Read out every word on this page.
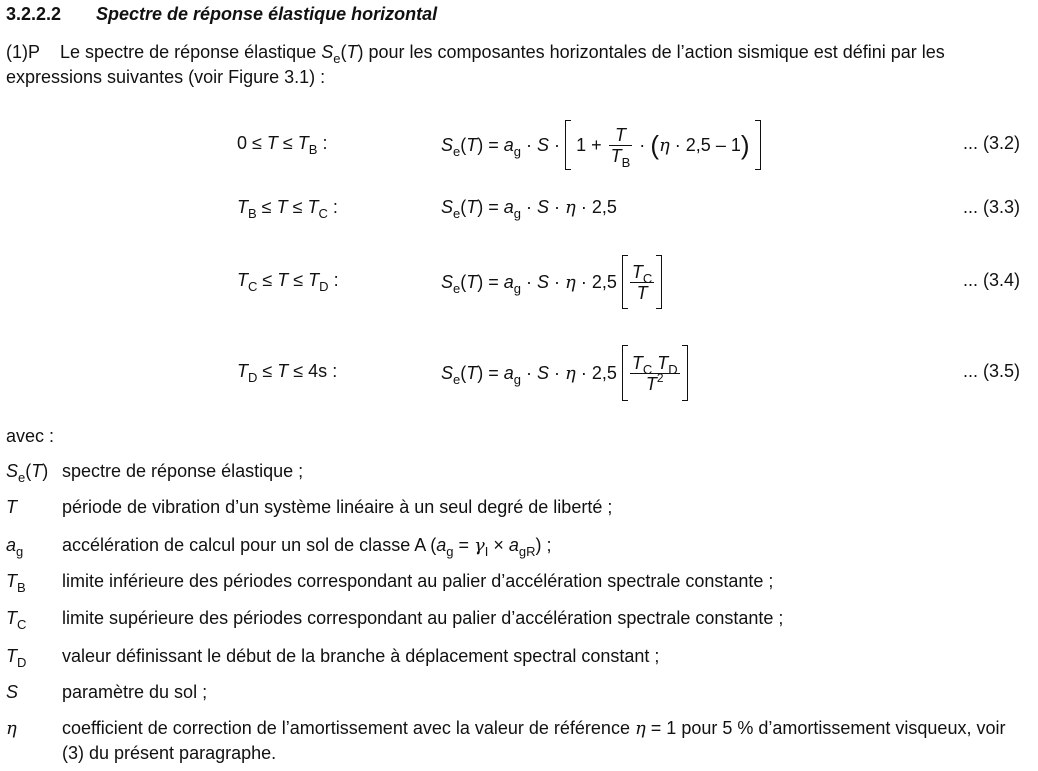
3.2.2.2 Spectre de réponse élastique horizontal
(1)P Le spectre de réponse élastique $S_e(T)$ pour les composantes horizontales de l’action sismique est défini par les expressions suivantes (voir Figure 3.1) :
$0 \le T \le T_B$ :	$S_e(T) = a_g \cdot S \cdot 1 + \frac{T}{T_B} \cdot (\eta \cdot 2,5 - 1)$	... (3.2)
$T_B \le T \le T_C$ :	$S_e(T) = a_g \cdot S \cdot \eta \cdot 2,5$	... (3.3)
$T_C \le T \le T_D$ :	$S_e(T) = a_g \cdot S \cdot \eta \cdot 2,5 \frac{T_C}{T}$	... (3.4)
$T_D \le T \le 4s$ :	$S_e(T) = a_g \cdot S \cdot \eta \cdot 2,5 \frac{T_C T_D}{T^2}$	... (3.5)
avec :
$S_e(T)$ spectre de réponse élastique ;
T	période de vibration d’un système linéaire à un seul degré de liberté ;
$a_g$ accélération de calcul pour un sol de classe A $(a_g = \gamma_I \times a_{gR})$ ;
$T_B$ limite inférieure des périodes correspondant au palier d’accélération spectrale constante ;
$T_C$ limite supérieure des périodes correspondant au palier d’accélération spectrale constante ;
$T_D$ valeur définissant le début de la branche à déplacement spectral constant ;
S paramètre du sol ;
η	coefficient de correction de l’amortissement avec la valeur de référence η = 1 pour 5 % d’amortissement visqueux, voir (3) du présent paragraphe.
